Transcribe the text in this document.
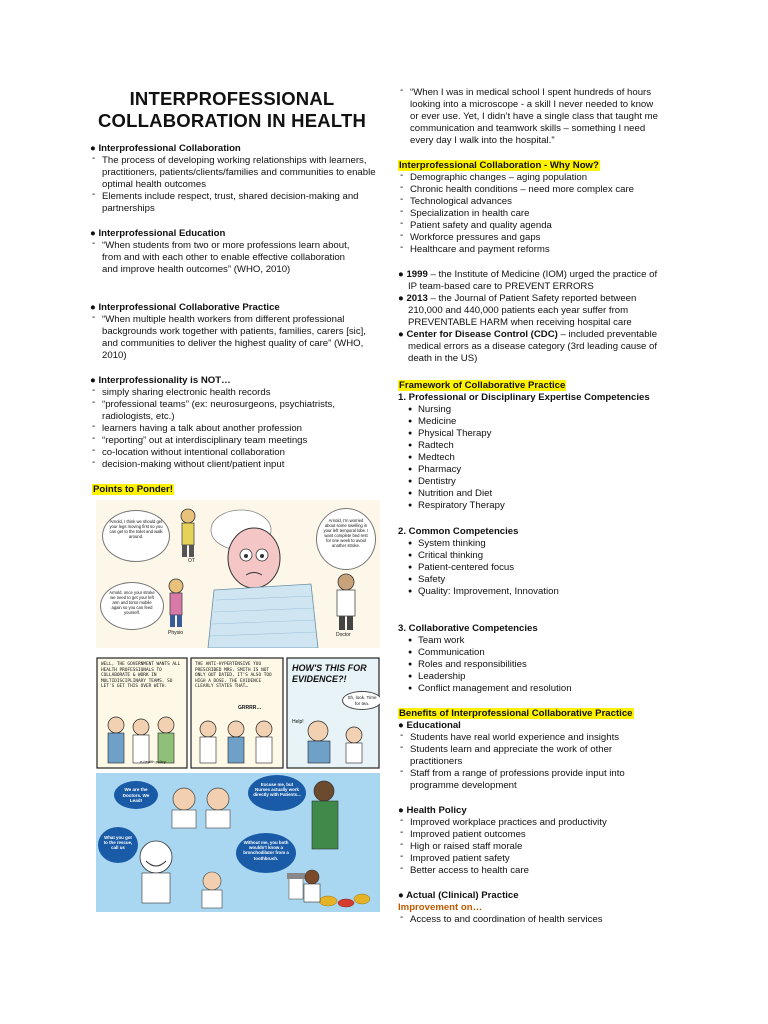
INTERPROFESSIONAL COLLABORATION IN HEALTH
● Interprofessional Collaboration
- The process of developing working relationships with learners, practitioners, patients/clients/families and communities to enable optimal health outcomes
- Elements include respect, trust, shared decision-making and partnerships
● Interprofessional Education
- “When students from two or more professions learn about, from and with each other to enable effective collaboration and improve health outcomes” (WHO, 2010)
● Interprofessional Collaborative Practice
- “When multiple health workers from different professional backgrounds work together with patients, families, carers [sic], and communities to deliver the highest quality of care” (WHO, 2010)
● Interprofessionality is NOT…
- simply sharing electronic health records
- “professional teams” (ex: neurosurgeons, psychiatrists, radiologists, etc.)
- learners having a talk about another profession
- “reporting” out at interdisciplinary team meetings
- co-location without intentional collaboration
- decision-making without client/patient input
Points to Ponder!
Arnold, I think we should get your legs moving first so you can get to the toilet and walk around.
Arnold, once your stroke we need to get your left arm and torso mobile again so you can feed yourself.
Arnold, I'm worried about some swelling in your left temporal lobe. I want complete bed rest for one week to avoid another stroke.
OT
Physio	Doctor
WELL, THE GOVERNMENT WANTS ALL HEALTH PROFESSIONALS TO COLLABORATE & WORK IN MULTIDISCIPLINARY TEAMS. SO LET'S GET THIS OVER WITH.
THE ANTI-HYPERTENSIVE YOU PRESCRIBED MRS. SMITH IS NOT ONLY OUT DATED, IT'S ALSO TOO HIGH A DOSE. THE EVIDENCE CLEARLY STATES THAT…
GRRRR…
HOW'S THIS FOR EVIDENCE?!
Sh, look. Time for tea.
Help!
e-health policy
We are the Doctors. We Lead!
Excuse me, but Nurses actually work directly with Patients...
What you got to the rescue, call us
Without me, you both wouldn't know a bronchodilator from a toothbrush.
- “When I was in medical school I spent hundreds of hours looking into a microscope - a skill I never needed to know or ever use. Yet, I didn’t have a single class that taught me communication and teamwork skills – something I need every day I walk into the hospital.”
Interprofessional Collaboration - Why Now?
- Demographic changes – aging population
- Chronic health conditions – need more complex care
- Technological advances
- Specialization in health care
- Patient safety and quality agenda
- Workforce pressures and gaps
- Healthcare and payment reforms
● 1999 – the Institute of Medicine (IOM) urged the practice of IP team-based care to PREVENT ERRORS
● 2013 – the Journal of Patient Safety reported between 210,000 and 440,000 patients each year suffer from PREVENTABLE HARM when receiving hospital care
● Center for Disease Control (CDC) – included preventable medical errors as a disease category (3rd leading cause of death in the US)
Framework of Collaborative Practice
1. Professional or Disciplinary Expertise Competencies
● Nursing
● Medicine
● Physical Therapy
● Radtech
● Medtech
● Pharmacy
● Dentistry
● Nutrition and Diet
● Respiratory Therapy
2. Common Competencies
● System thinking
● Critical thinking
● Patient-centered focus
● Safety
● Quality: Improvement, Innovation
3. Collaborative Competencies
● Team work
● Communication
● Roles and responsibilities
● Leadership
● Conflict management and resolution
Benefits of Interprofessional Collaborative Practice
● Educational
- Students have real world experience and insights
- Students learn and appreciate the work of other practitioners
- Staff from a range of professions provide input into programme development
● Health Policy
- Improved workplace practices and productivity
- Improved patient outcomes
- High or raised staff morale
- Improved patient safety
- Better access to health care
● Actual (Clinical) Practice
Improvement on…
- Access to and coordination of health services
